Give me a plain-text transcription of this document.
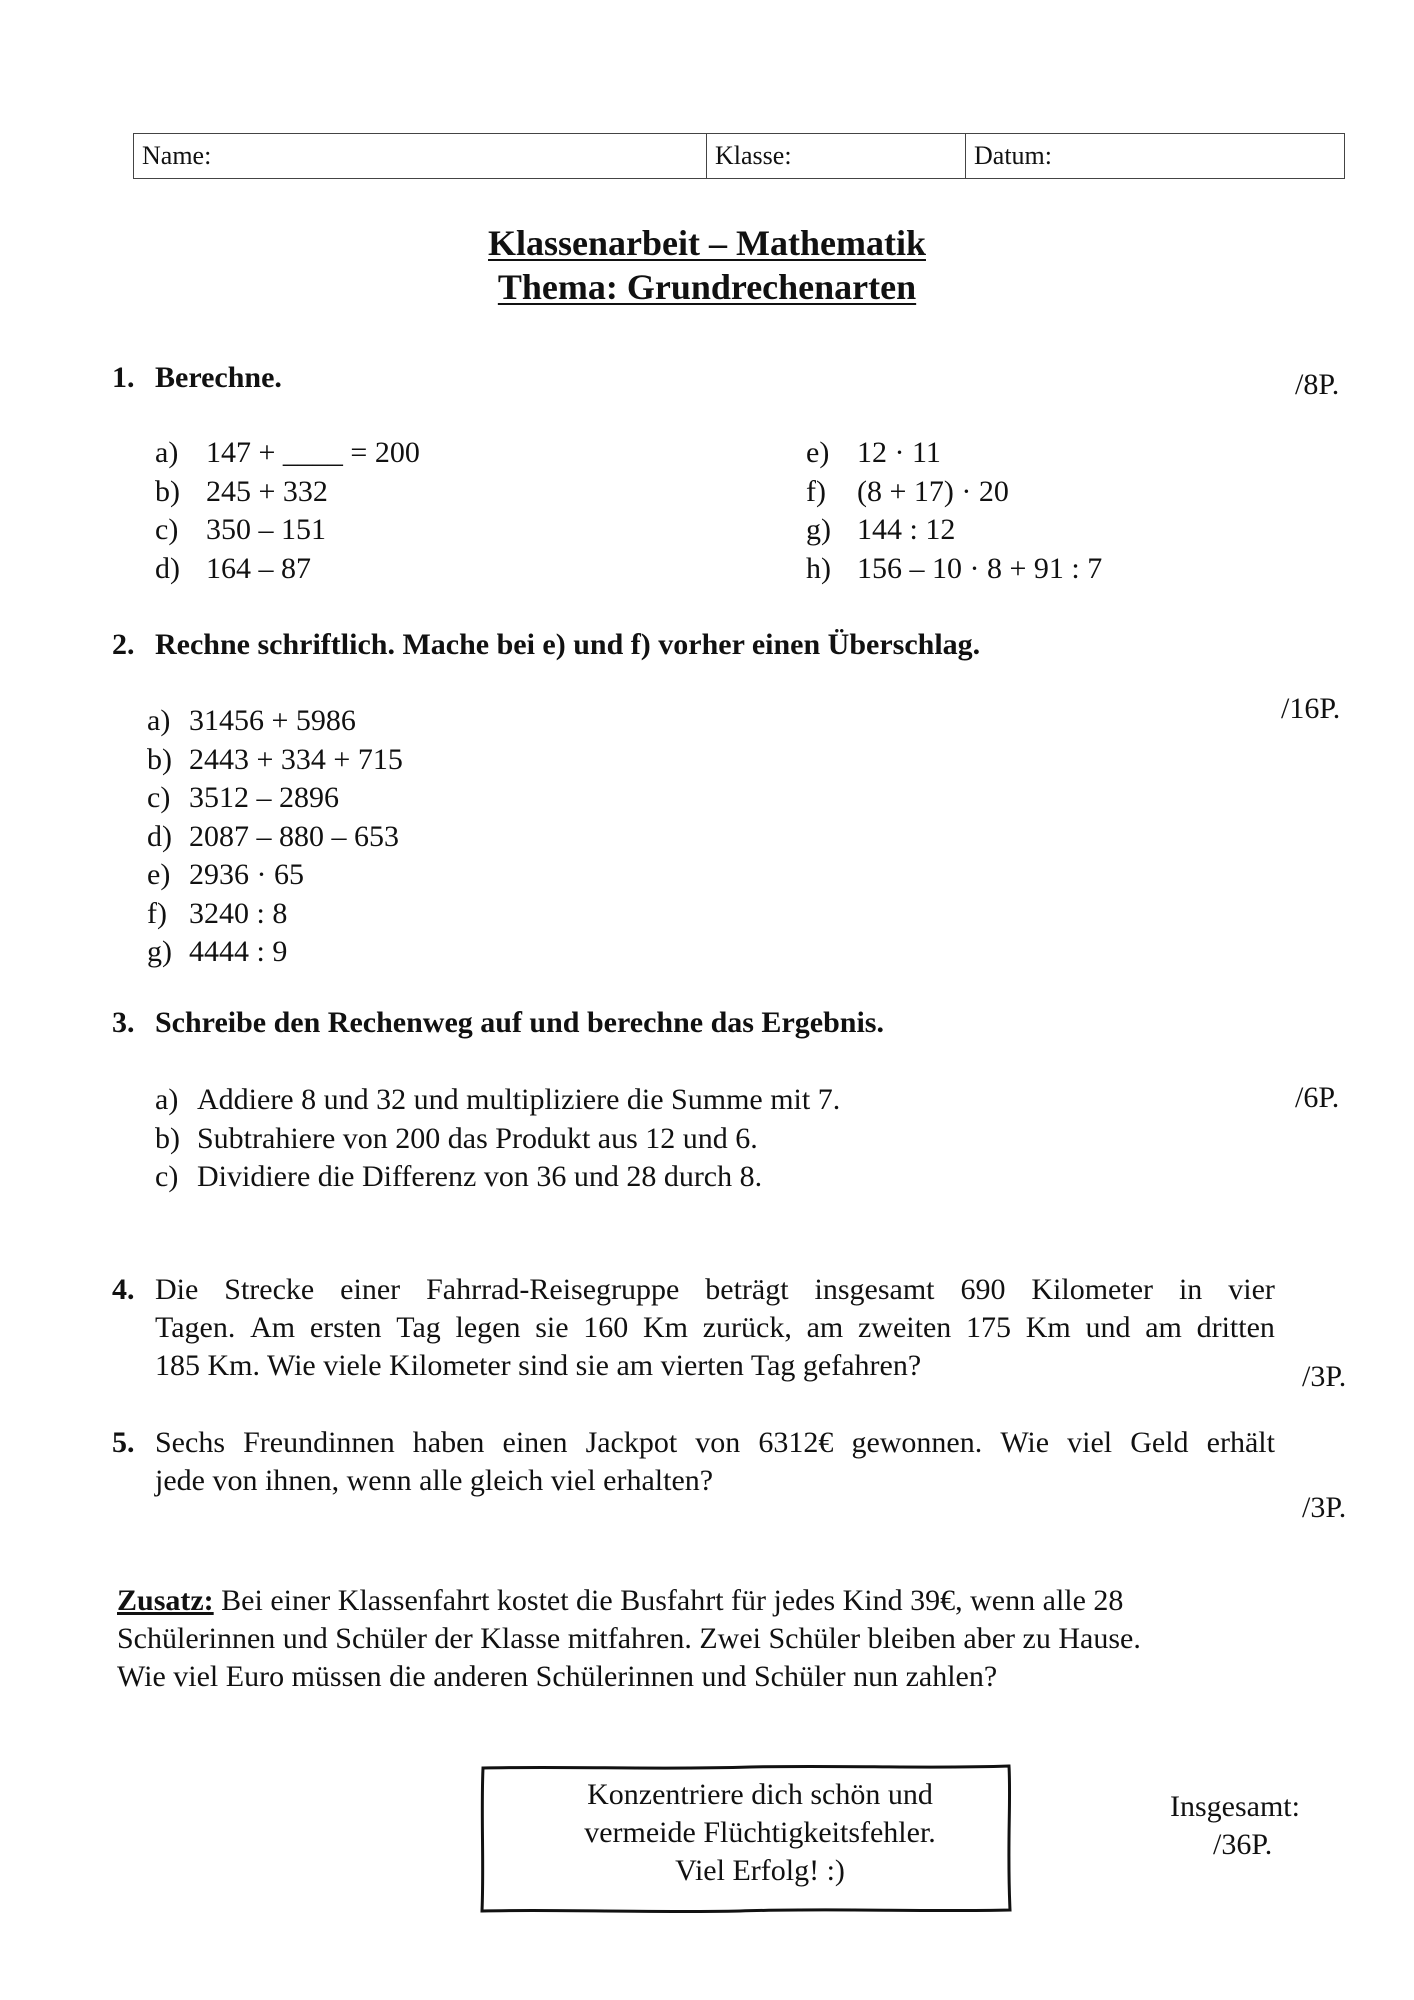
Name:	Klasse:	Datum:
Klassenarbeit – Mathematik
Thema: Grundrechenarten
1. Berechne.	/8P.
a) 147 + ____ = 200
b) 245 + 332
c) 350 – 151
d) 164 – 87
e) 12 · 11
f) (8 + 17) · 20
g) 144 : 12
h) 156 – 10 · 8 + 91 : 7
2. Rechne schriftlich. Mache bei e) und f) vorher einen Überschlag.
/16P.
a) 31456 + 5986
b) 2443 + 334 + 715
c) 3512 – 2896
d) 2087 – 880 – 653
e) 2936 · 65
f) 3240 : 8
g) 4444 : 9
3. Schreibe den Rechenweg auf und berechne das Ergebnis.
/6P.
a) Addiere 8 und 32 und multipliziere die Summe mit 7.
b) Subtrahiere von 200 das Produkt aus 12 und 6.
c) Dividiere die Differenz von 36 und 28 durch 8.
4. Die Strecke einer Fahrrad-Reisegruppe beträgt insgesamt 690 Kilometer in vier
Tagen. Am ersten Tag legen sie 160 Km zurück, am zweiten 175 Km und am dritten
185 Km. Wie viele Kilometer sind sie am vierten Tag gefahren?	/3P.
5. Sechs Freundinnen haben einen Jackpot von 6312€ gewonnen. Wie viel Geld erhält
jede von ihnen, wenn alle gleich viel erhalten?
/3P.
Zusatz: Bei einer Klassenfahrt kostet die Busfahrt für jedes Kind 39€, wenn alle 28
Schülerinnen und Schüler der Klasse mitfahren. Zwei Schüler bleiben aber zu Hause.
Wie viel Euro müssen die anderen Schülerinnen und Schüler nun zahlen?
Konzentriere dich schön und
vermeide Flüchtigkeitsfehler.
Viel Erfolg! :)
Insgesamt:
/36P.
